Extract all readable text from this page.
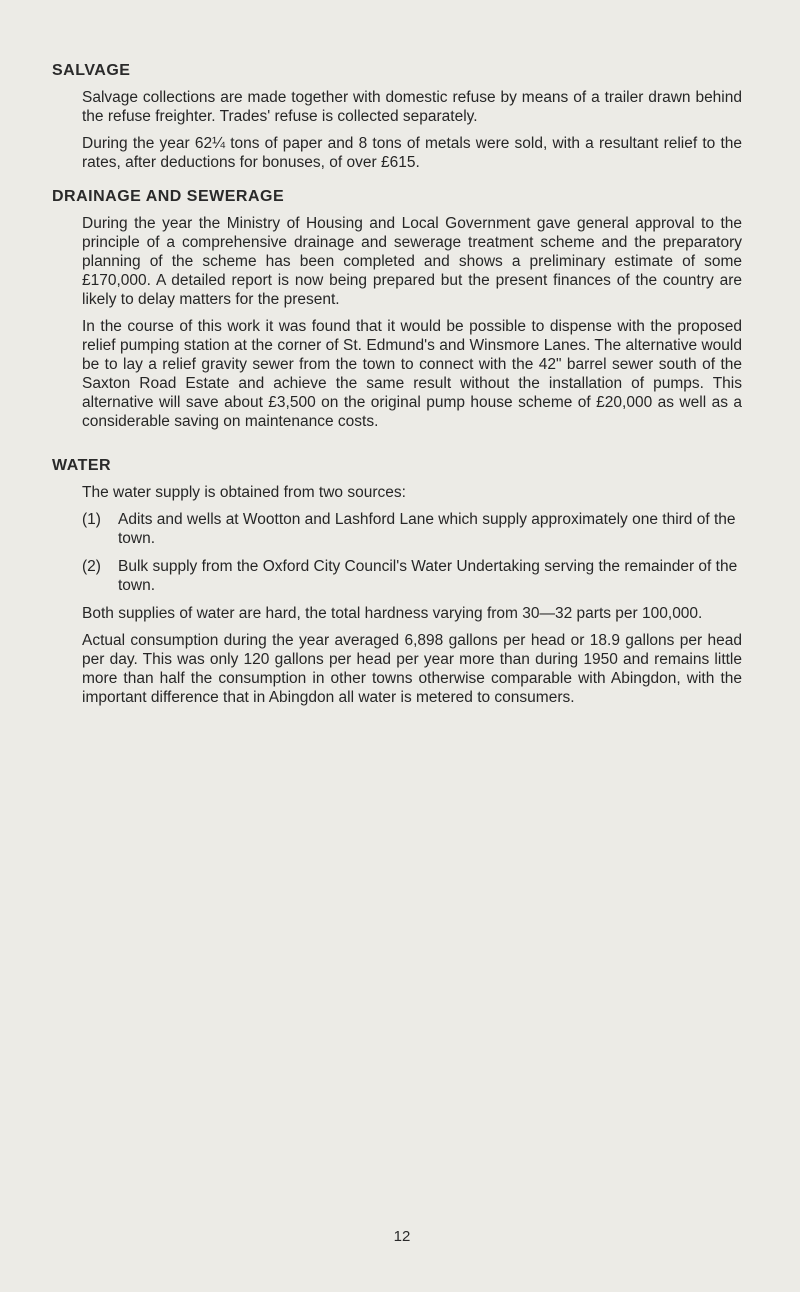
SALVAGE

Salvage collections are made together with domestic refuse by means of a trailer drawn behind the refuse freighter. Trades' refuse is collected separately.

During the year 62¼ tons of paper and 8 tons of metals were sold, with a resultant relief to the rates, after deductions for bonuses, of over £615.

DRAINAGE AND SEWERAGE

During the year the Ministry of Housing and Local Government gave general approval to the principle of a comprehensive drainage and sewerage treatment scheme and the preparatory planning of the scheme has been completed and shows a preliminary estimate of some £170,000. A detailed report is now being prepared but the present finances of the country are likely to delay matters for the present.

In the course of this work it was found that it would be possible to dispense with the proposed relief pumping station at the corner of St. Edmund's and Winsmore Lanes. The alternative would be to lay a relief gravity sewer from the town to connect with the 42" barrel sewer south of the Saxton Road Estate and achieve the same result without the installation of pumps. This alternative will save about £3,500 on the original pump house scheme of £20,000 as well as a considerable saving on maintenance costs.

WATER

The water supply is obtained from two sources:

(1)	Adits and wells at Wootton and Lashford Lane which supply approximately one third of the town.
(2)	Bulk supply from the Oxford City Council's Water Undertaking serving the remainder of the town.

Both supplies of water are hard, the total hardness varying from 30—32 parts per 100,000.

Actual consumption during the year averaged 6,898 gallons per head or 18.9 gallons per head per day. This was only 120 gallons per head per year more than during 1950 and remains little more than half the consumption in other towns otherwise comparable with Abingdon, with the important difference that in Abingdon all water is metered to consumers.

12
